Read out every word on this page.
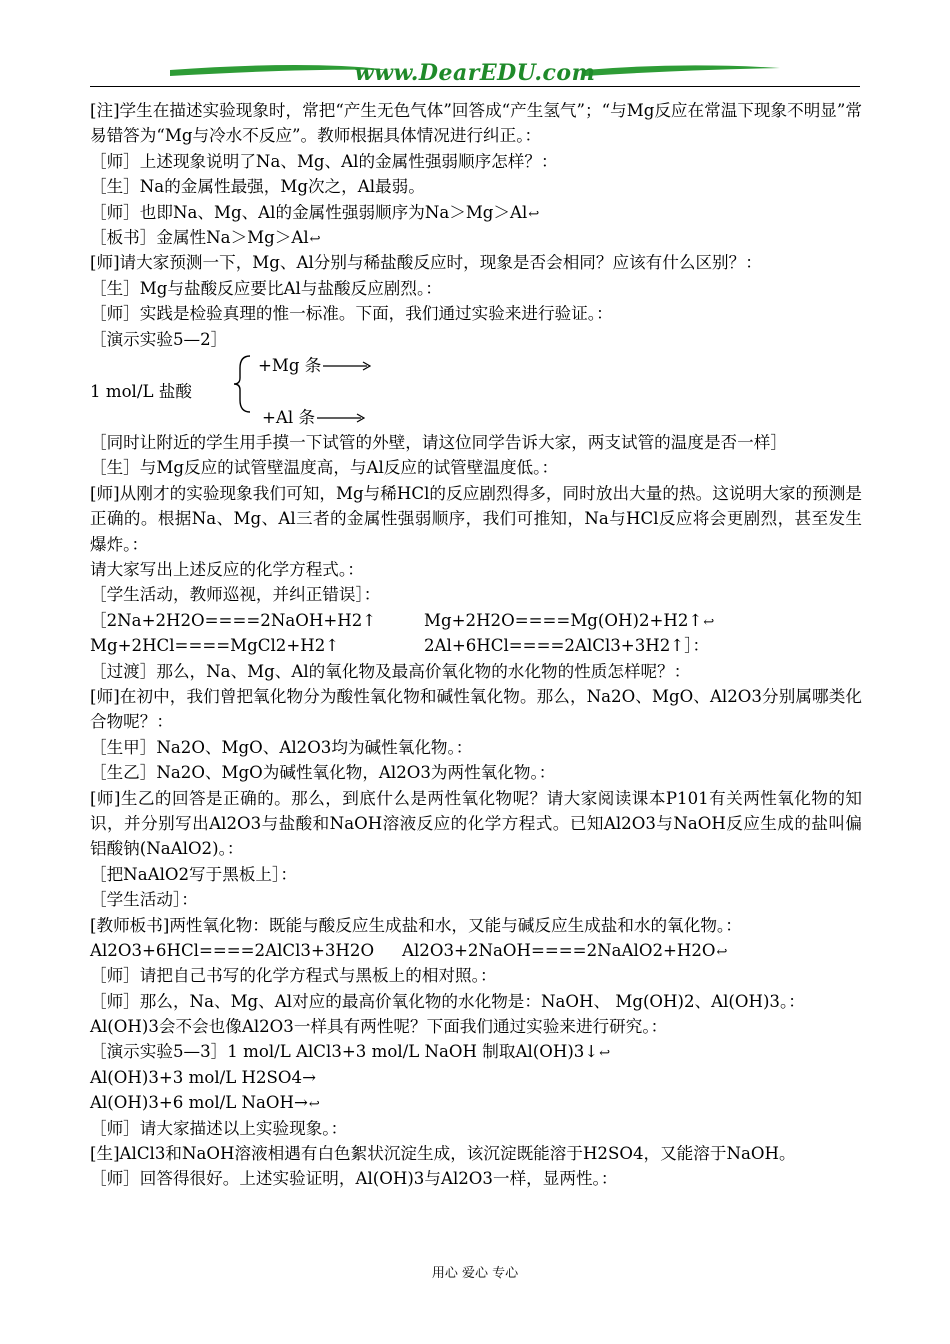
www.DearEDU.com
[注]学生在描述实验现象时，常把“产生无色气体”回答成“产生氢气”；“与Mg反应在常温下现象不明显”常易错答为“Mg与冷水不反应”。教师根据具体情况进行纠正。：
［师］上述现象说明了Na、Mg、Al的金属性强弱顺序怎样？：
［生］Na的金属性最强，Mg次之，Al最弱。
［师］也即Na、Mg、Al的金属性强弱顺序为Na＞Mg＞Al↩
［板书］金属性Na＞Mg＞Al↩
[师]请大家预测一下，Mg、Al分别与稀盐酸反应时，现象是否会相同？应该有什么区别？：
［生］Mg与盐酸反应要比Al与盐酸反应剧烈。：
［师］实践是检验真理的惟一标准。下面，我们通过实验来进行验证。：
［演示实验5—2］
1 mol/L 盐酸
+Mg 条
+Al 条
［同时让附近的学生用手摸一下试管的外壁，请这位同学告诉大家，两支试管的温度是否一样］
［生］与Mg反应的试管壁温度高，与Al反应的试管壁温度低。：
[师]从刚才的实验现象我们可知，Mg与稀HCl的反应剧烈得多，同时放出大量的热。这说明大家的预测是正确的。根据Na、Mg、Al三者的金属性强弱顺序，我们可推知，Na与HCl反应将会更剧烈，甚至发生爆炸。：
请大家写出上述反应的化学方程式。：
［学生活动，教师巡视，并纠正错误］：
［2Na+2H2O====2NaOH+H2↑	Mg+2H2O====Mg(OH)2+H2↑↩
Mg+2HCl====MgCl2+H2↑	2Al+6HCl====2AlCl3+3H2↑］：
［过渡］那么，Na、Mg、Al的氧化物及最高价氧化物的水化物的性质怎样呢？：
[师]在初中，我们曾把氧化物分为酸性氧化物和碱性氧化物。那么，Na2O、MgO、Al2O3分别属哪类化合物呢？：
［生甲］Na2O、MgO、Al2O3均为碱性氧化物。：
［生乙］Na2O、MgO为碱性氧化物，Al2O3为两性氧化物。：
[师]生乙的回答是正确的。那么，到底什么是两性氧化物呢？请大家阅读课本P101有关两性氧化物的知识，并分别写出Al2O3与盐酸和NaOH溶液反应的化学方程式。已知Al2O3与NaOH反应生成的盐叫偏铝酸钠(NaAlO2)。：
［把NaAlO2写于黑板上］：
［学生活动］：
[教师板书]两性氧化物：既能与酸反应生成盐和水，又能与碱反应生成盐和水的氧化物。：
Al2O3+6HCl====2AlCl3+3H2O	Al2O3+2NaOH====2NaAlO2+H2O↩
［师］请把自己书写的化学方程式与黑板上的相对照。：
［师］那么，Na、Mg、Al对应的最高价氧化物的水化物是：NaOH、 Mg(OH)2、Al(OH)3。：
Al(OH)3会不会也像Al2O3一样具有两性呢？下面我们通过实验来进行研究。：
［演示实验5—3］1 mol/L AlCl3+3 mol/L NaOH 制取Al(OH)3↓↩
Al(OH)3+3 mol/L H2SO4→
Al(OH)3+6 mol/L NaOH→↩
［师］请大家描述以上实验现象。：
[生]AlCl3和NaOH溶液相遇有白色絮状沉淀生成，该沉淀既能溶于H2SO4，又能溶于NaOH。
［师］回答得很好。上述实验证明，Al(OH)3与Al2O3一样，显两性。：
用心 爱心 专心
